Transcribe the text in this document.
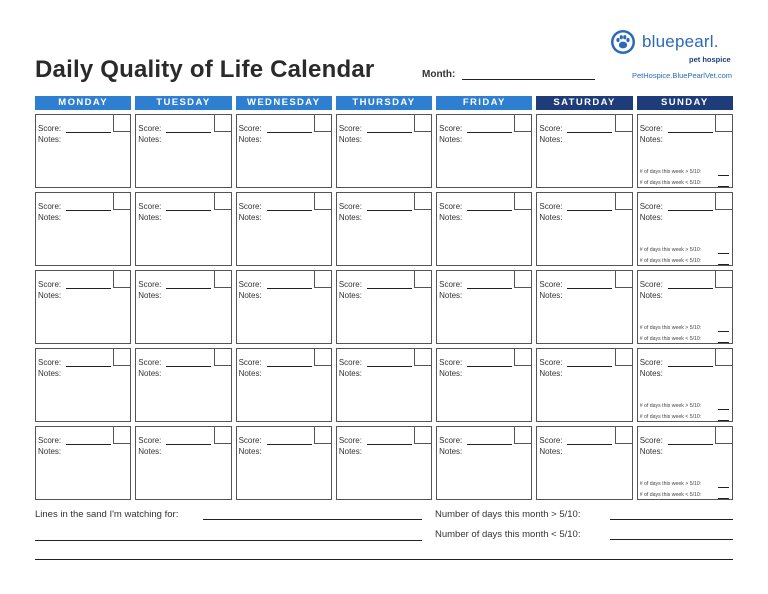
Daily Quality of Life Calendar	Month:
bluepearl.
pet hospice
PetHospice.BluePearlVet.com
MONDAY	TUESDAY	WEDNESDAY	THURSDAY	FRIDAY	SATURDAY	SUNDAY
Score:
Notes:
Score:
Notes:
Score:
Notes:
Score:
Notes:
Score:
Notes:
Score:
Notes:
Score:
Notes:
# of days this week > 5/10:
# of days this week < 5/10:
Score:
Notes:
Score:
Notes:
Score:
Notes:
Score:
Notes:
Score:
Notes:
Score:
Notes:
Score:
Notes:
# of days this week > 5/10:
# of days this week < 5/10:
Score:
Notes:
Score:
Notes:
Score:
Notes:
Score:
Notes:
Score:
Notes:
Score:
Notes:
Score:
Notes:
# of days this week > 5/10:
# of days this week < 5/10:
Score:
Notes:
Score:
Notes:
Score:
Notes:
Score:
Notes:
Score:
Notes:
Score:
Notes:
Score:
Notes:
# of days this week > 5/10:
# of days this week < 5/10:
Score:
Notes:
Score:
Notes:
Score:
Notes:
Score:
Notes:
Score:
Notes:
Score:
Notes:
Score:
Notes:
# of days this week > 5/10:
# of days this week < 5/10:
Lines in the sand I'm watching for:	Number of days this month > 5/10:
Number of days this month < 5/10:
